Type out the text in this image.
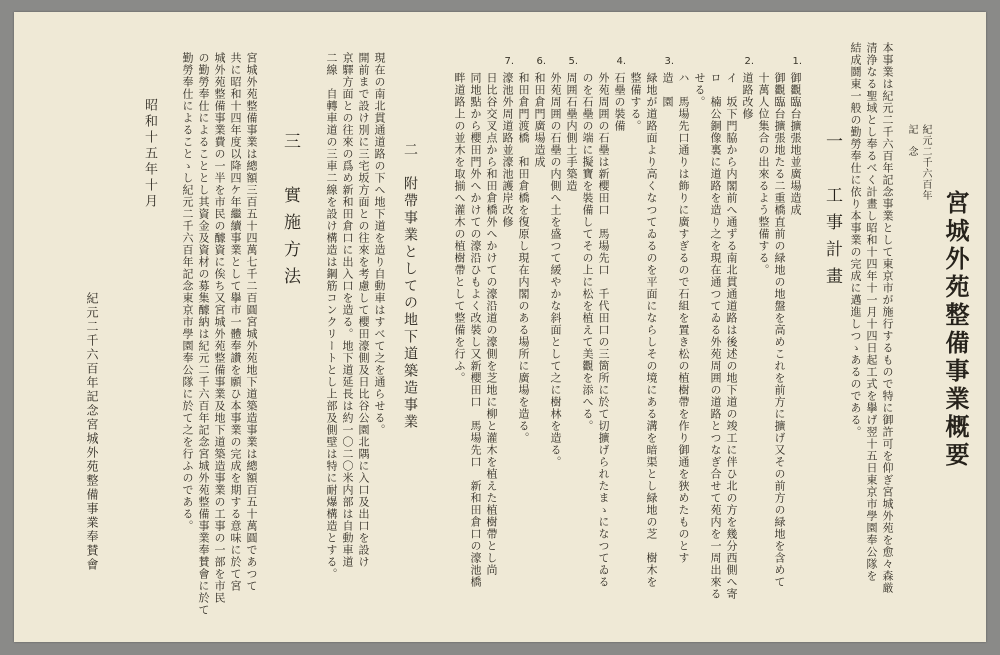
宮城外苑整備事業概要
紀元二千六百年
記　念
本事業は紀元二千六百年記念事業として東京市が施行するもので特に御許可を仰ぎ宮城外苑を愈々森厳
清浄なる聖域とし奉るべく計畫し昭和十四年十一月十四日起工式を擧げ翌十五日東京市學園奉公隊を
結成鬪東一般の勤勞奉仕に依り本事業の完成に邁進しつゝあるのである。
一　工事計畫
1.
御觀臨台擴張地並廣場造成
御觀臨台擴張地たる二重橋直前の緑地の地盤を高めこれを前方に擴げ又その前方の緑地を含めて
十萬人位集合の出來るよう整備する。
2.
道路改修
イ　坂下門脇から内閣前へ通ずる南北貫通道路は後述の地下道の竣工に伴ひ北の方を幾分西側へ寄
ロ　楠公銅像裏に道路を造り之を現在通つてゐる外苑周囲の道路とつなぎ合せて苑内を一周出來る
せる。
ハ　馬場先口通りは飾りに廣すぎるので石組を置き松の植樹帶を作り御通を狹めたものとす
3.
造　園
緑地が道路面より高くなつてゐるのを平面にならしその境にある溝を暗渠とし緑地の芝　樹木を
整備する。
4.
石壘の裝備
外苑周囲の石壘は新櫻田口　馬場先口　千代田口の三箇所に於て切擴げられたまゝになつてゐる
のを石壘の端に擬寶を裝備してその上に松を植えて美觀を添へる。
5.
周囲石壘内側土手築造
外苑周囲の石壘の内側へ土を盛つて緩やかな斜面として之に樹林を造る。
6.
和田倉門廣場造成
和田倉門渡橋　和田倉橋を復原し現在内閣のある場所に廣場を造る。
7.
濠池外周道路並濠池護岸改修
日比谷交叉点から和田倉橋外へかけての濠沿道の濠側を芝地に柳と灌木を植えた植樹帶とし尚
同地點から櫻田門外へかけての濠沿ひもよく改裝し又新櫻田口　馬場先口　新和田倉口の濠池橋
畔道路上の並木を取揃へ灌木の植樹帶として整備を行ふ。
二　附帶事業としての地下道築造事業
現在の南北貫通道路の下へ地下道を造り自動車はすべて之を通らせる。
開前まで設け別に三宅坂方面との往來を考慮して櫻田濠側及日比谷公園北隅に入口及出口を設け
京驛方面との往來の爲め新和田倉口に出入口を造る。地下道延長は約一〇二〇米内部は自動車道
二線　自轉車道の三車二線を設け構造は鋼筋コンクリートとし上部及側壁は特に耐爆構造とする。
三　實施方法
宮城外苑整備事業は總額三百五十四萬七千二百圓宮城外苑地下道築造事業は總額百五十萬圓であつて
共に昭和十四年度以降四ケ年繼續事業として擧市一體奉讚を願ひ本事業の完成を期する意味に於て宮
城外苑整備事業費の一半を市民の醵資に俟ち又宮城外苑整備事業及地下道築造事業の工事の一部を市民
の勤勞奉仕によることとし其資金及資材の募集醵納は紀元二千六百年記念宮城外苑整備事業奉賛會に於て
勤勞奉仕によることゝし紀元二千六百年記念東京市學園奉公隊に於て之を行ふのである。
昭和十五年十月
紀元二千六百年記念宮城外苑整備事業奉賛會
